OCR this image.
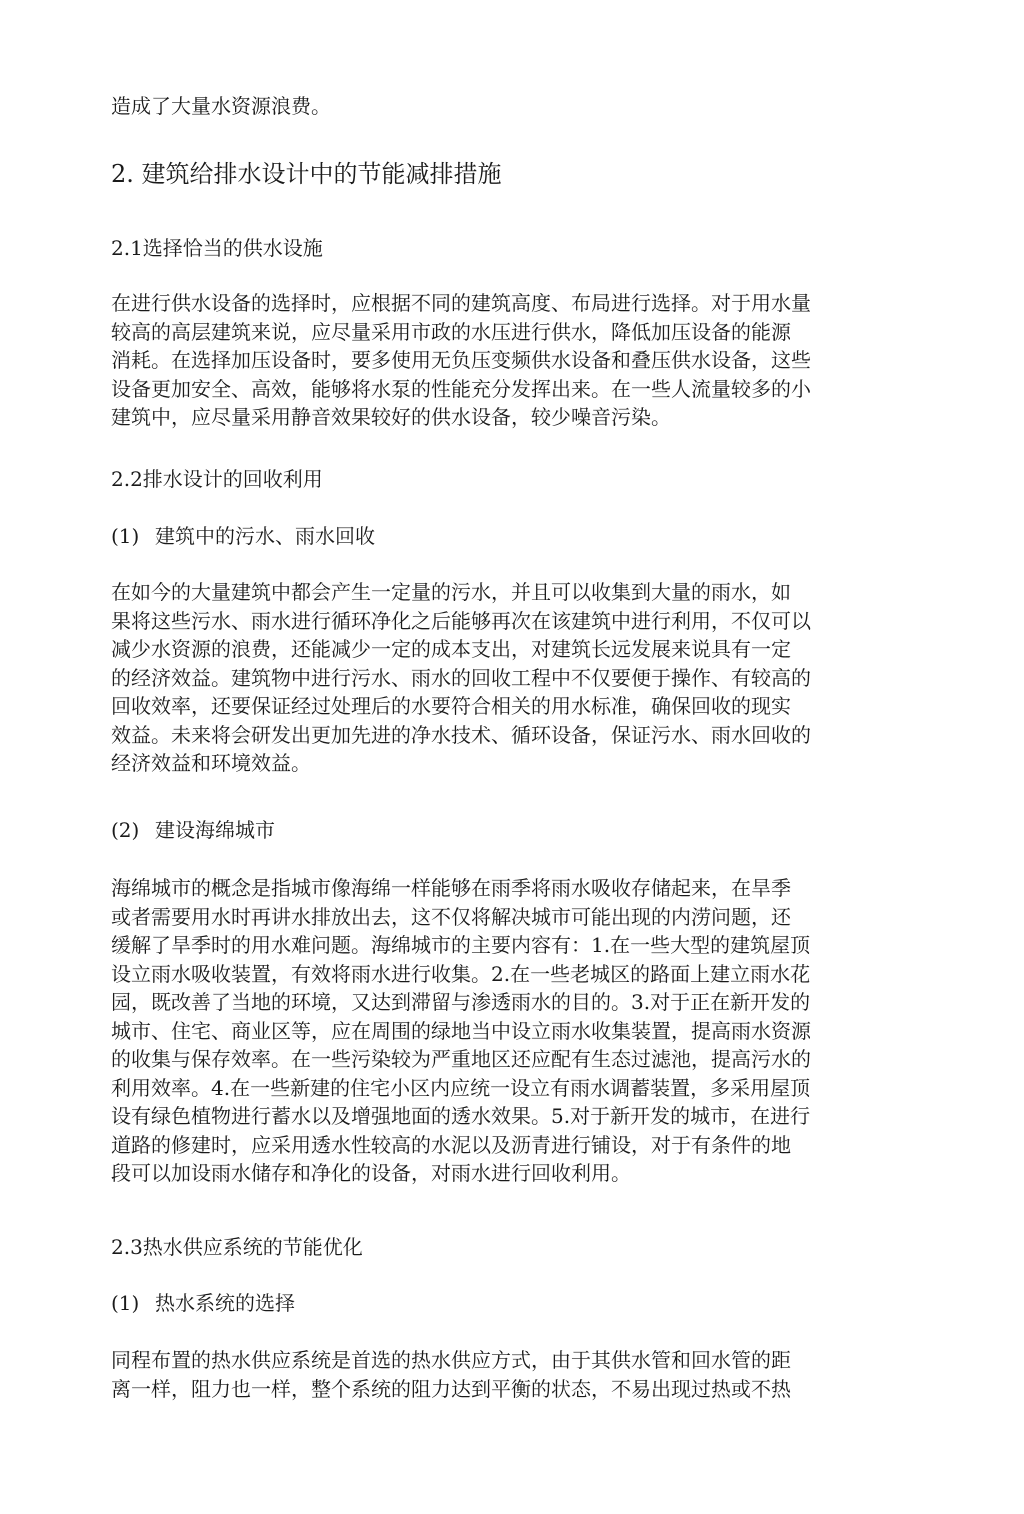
造成了大量水资源浪费。

2. 建筑给排水设计中的节能减排措施
2.1选择恰当的供水设施

在进行供水设备的选择时，应根据不同的建筑高度、布局进行选择。对于用水量
较高的高层建筑来说，应尽量采用市政的水压进行供水，降低加压设备的能源
消耗。在选择加压设备时，要多使用无负压变频供水设备和叠压供水设备，这些
设备更加安全、高效，能够将水泵的性能充分发挥出来。在一些人流量较多的小
建筑中，应尽量采用静音效果较好的供水设备，较少噪音污染。

2.2排水设计的回收利用
(1) 建筑中的污水、雨水回收

在如今的大量建筑中都会产生一定量的污水，并且可以收集到大量的雨水，如
果将这些污水、雨水进行循环净化之后能够再次在该建筑中进行利用，不仅可以
减少水资源的浪费，还能减少一定的成本支出，对建筑长远发展来说具有一定
的经济效益。建筑物中进行污水、雨水的回收工程中不仅要便于操作、有较高的
回收效率，还要保证经过处理后的水要符合相关的用水标准，确保回收的现实
效益。未来将会研发出更加先进的净水技术、循环设备，保证污水、雨水回收的
经济效益和环境效益。

(2) 建设海绵城市

海绵城市的概念是指城市像海绵一样能够在雨季将雨水吸收存储起来，在旱季
或者需要用水时再讲水排放出去，这不仅将解决城市可能出现的内涝问题，还
缓解了旱季时的用水难问题。海绵城市的主要内容有：1.在一些大型的建筑屋顶
设立雨水吸收装置，有效将雨水进行收集。2.在一些老城区的路面上建立雨水花
园，既改善了当地的环境，又达到滞留与渗透雨水的目的。3.对于正在新开发的
城市、住宅、商业区等，应在周围的绿地当中设立雨水收集装置，提高雨水资源
的收集与保存效率。在一些污染较为严重地区还应配有生态过滤池，提高污水的
利用效率。4.在一些新建的住宅小区内应统一设立有雨水调蓄装置，多采用屋顶
设有绿色植物进行蓄水以及增强地面的透水效果。5.对于新开发的城市，在进行
道路的修建时，应采用透水性较高的水泥以及沥青进行铺设，对于有条件的地
段可以加设雨水储存和净化的设备，对雨水进行回收利用。

2.3热水供应系统的节能优化
(1) 热水系统的选择

同程布置的热水供应系统是首选的热水供应方式，由于其供水管和回水管的距
离一样，阻力也一样，整个系统的阻力达到平衡的状态，不易出现过热或不热
